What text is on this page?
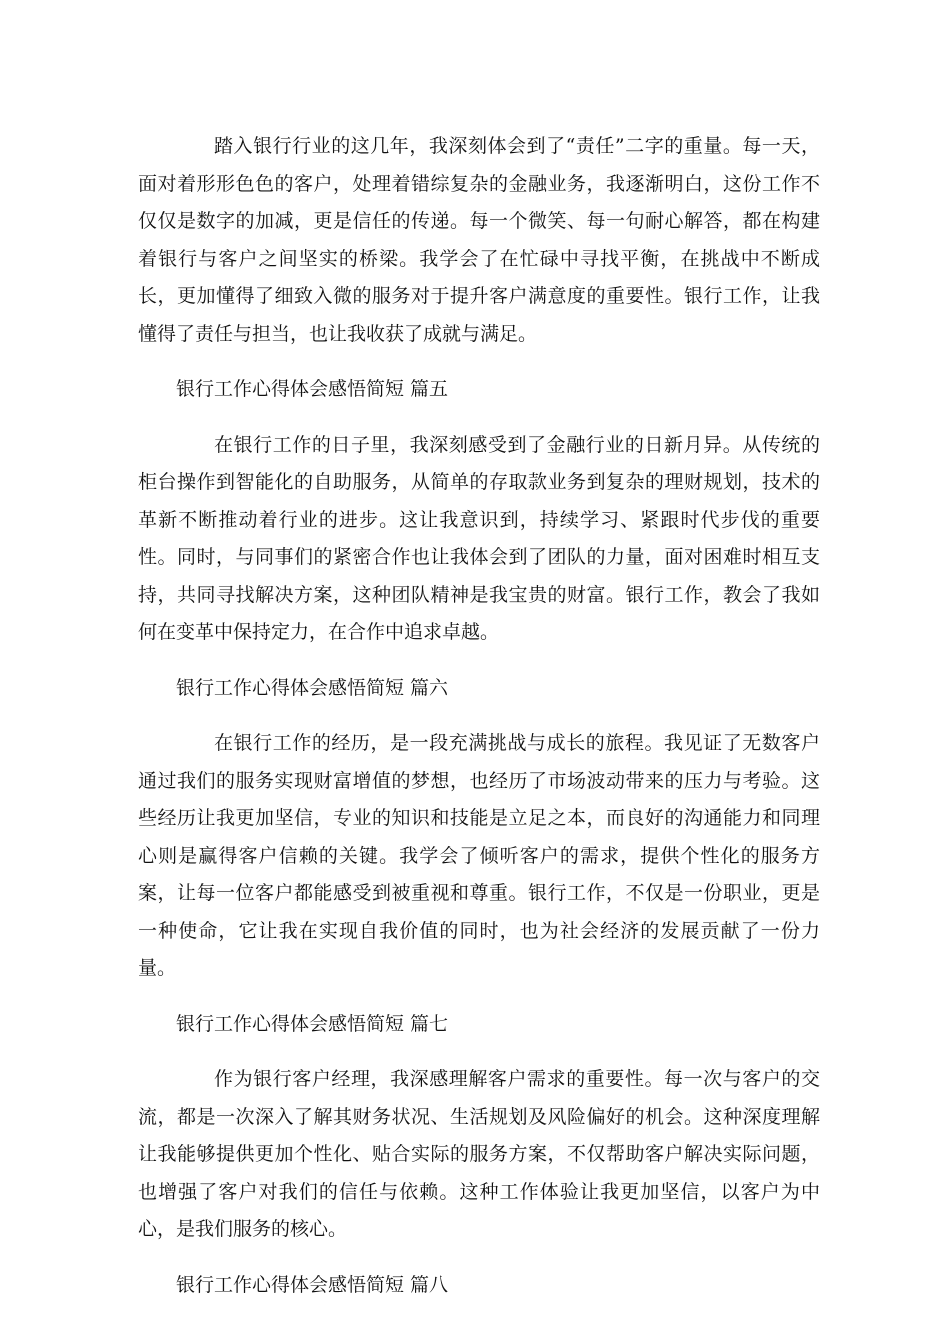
踏入银行行业的这几年，我深刻体会到了“责任”二字的重量。每一天，面对着形形色色的客户，处理着错综复杂的金融业务，我逐渐明白，这份工作不仅仅是数字的加减，更是信任的传递。每一个微笑、每一句耐心解答，都在构建着银行与客户之间坚实的桥梁。我学会了在忙碌中寻找平衡，在挑战中不断成长，更加懂得了细致入微的服务对于提升客户满意度的重要性。银行工作，让我懂得了责任与担当，也让我收获了成就与满足。

银行工作心得体会感悟简短 篇五

在银行工作的日子里，我深刻感受到了金融行业的日新月异。从传统的柜台操作到智能化的自助服务，从简单的存取款业务到复杂的理财规划，技术的革新不断推动着行业的进步。这让我意识到，持续学习、紧跟时代步伐的重要性。同时，与同事们的紧密合作也让我体会到了团队的力量，面对困难时相互支持，共同寻找解决方案，这种团队精神是我宝贵的财富。银行工作，教会了我如何在变革中保持定力，在合作中追求卓越。

银行工作心得体会感悟简短 篇六

在银行工作的经历，是一段充满挑战与成长的旅程。我见证了无数客户通过我们的服务实现财富增值的梦想，也经历了市场波动带来的压力与考验。这些经历让我更加坚信，专业的知识和技能是立足之本，而良好的沟通能力和同理心则是赢得客户信赖的关键。我学会了倾听客户的需求，提供个性化的服务方案，让每一位客户都能感受到被重视和尊重。银行工作，不仅是一份职业，更是一种使命，它让我在实现自我价值的同时，也为社会经济的发展贡献了一份力量。

银行工作心得体会感悟简短 篇七

作为银行客户经理，我深感理解客户需求的重要性。每一次与客户的交流，都是一次深入了解其财务状况、生活规划及风险偏好的机会。这种深度理解让我能够提供更加个性化、贴合实际的服务方案，不仅帮助客户解决实际问题，也增强了客户对我们的信任与依赖。这种工作体验让我更加坚信，以客户为中心，是我们服务的核心。

银行工作心得体会感悟简短 篇八
